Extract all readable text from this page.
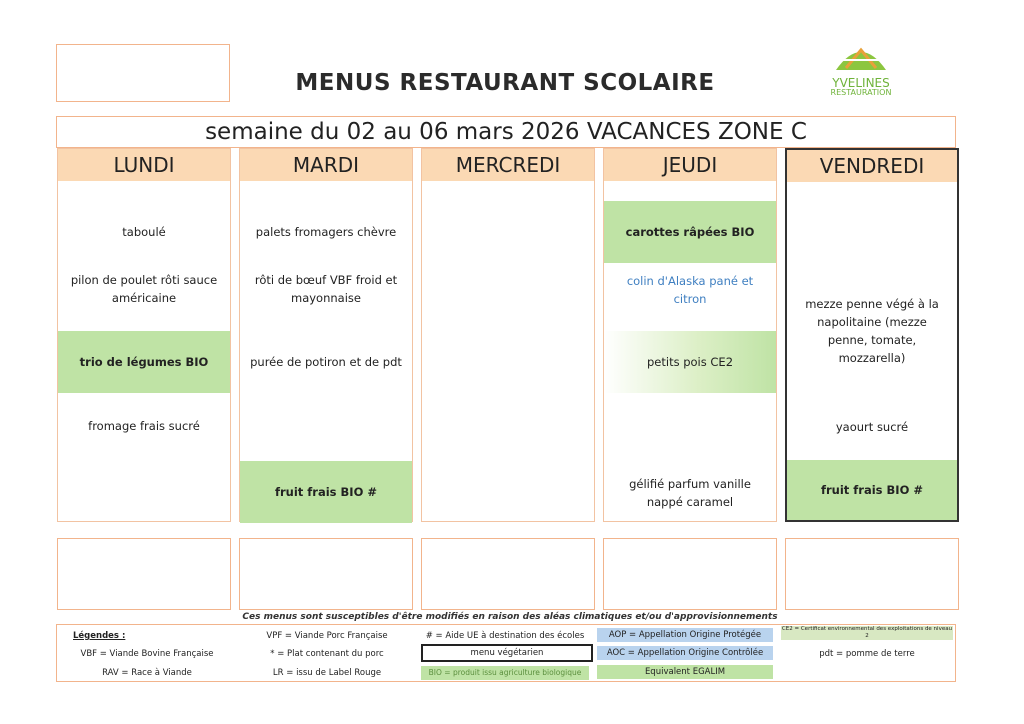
MENUS RESTAURANT SCOLAIRE	YVELINES
RESTAURATION
semaine du 02 au 06 mars 2026 VACANCES ZONE C
LUNDI
taboulé
pilon de poulet rôti sauce américaine
trio de légumes BIO
fromage frais sucré
MARDI
palets fromagers chèvre
rôti de bœuf VBF froid et mayonnaise
purée de potiron et de pdt
fruit frais BIO #
MERCREDI	JEUDI
carottes râpées BIO
colin d'Alaska pané et citron
petits pois CE2
gélifié parfum vanille nappé caramel
VENDREDI
mezze penne végé à la napolitaine (mezze penne, tomate, mozzarella)
yaourt sucré
fruit frais BIO #
Ces menus sont susceptibles d'être modifiés en raison des aléas climatiques et/ou d'approvisionnements
Légendes :
VBF = Viande Bovine Française
RAV = Race à Viande
VPF = Viande Porc Française
* = Plat contenant du porc
LR = issu de Label Rouge
# = Aide UE à destination des écoles
menu végétarien
BIO = produit issu agriculture biologique
AOP = Appellation Origine Protégée
AOC = Appellation Origine Contrôlée
Equivalent EGALIM
CE2 = Certificat environnemental des exploitations de niveau 2
pdt = pomme de terre
